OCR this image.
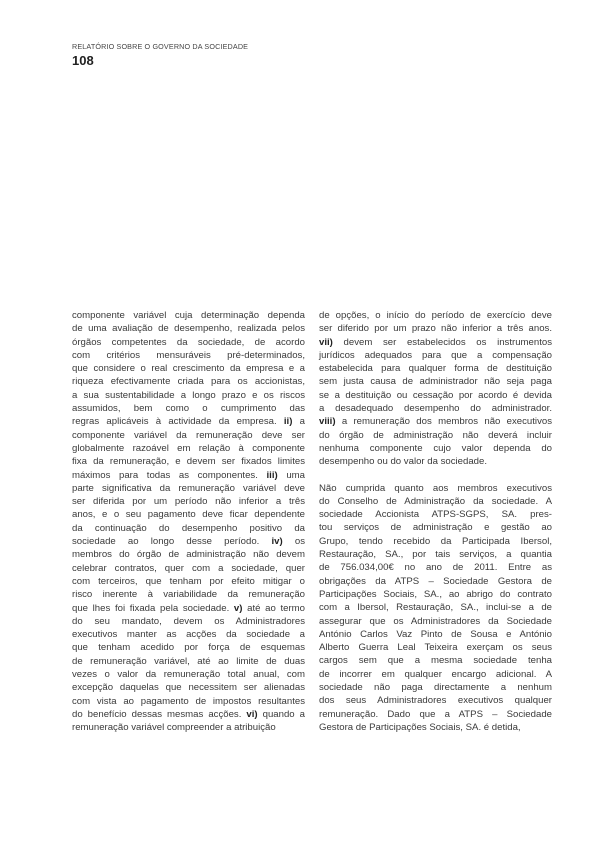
RELATÓRIO SOBRE O GOVERNO DA SOCIEDADE
108

componente variável cuja determinação dependa

de uma avaliação de desempenho, realizada pelos

órgãos competentes da sociedade, de acordo

com critérios mensuráveis pré-determinados,

que considere o real crescimento da empresa e a

riqueza efectivamente criada para os accionistas,

a sua sustentabilidade a longo prazo e os riscos

assumidos, bem como o cumprimento das

regras aplicáveis à actividade da empresa. ii) a

componente variável da remuneração deve ser

globalmente razoável em relação à componente

fixa da remuneração, e devem ser fixados limites

máximos para todas as componentes. iii) uma

parte significativa da remuneração variável deve

ser diferida por um período não inferior a três

anos, e o seu pagamento deve ficar dependente

da continuação do desempenho positivo da

sociedade ao longo desse período. iv) os

membros do órgão de administração não devem

celebrar contratos, quer com a sociedade, quer

com terceiros, que tenham por efeito mitigar o

risco inerente à variabilidade da remuneração

que lhes foi fixada pela sociedade. v) até ao termo

do seu mandato, devem os Administradores

executivos manter as acções da sociedade a

que tenham acedido por força de esquemas

de remuneração variável, até ao limite de duas

vezes o valor da remuneração total anual, com

excepção daquelas que necessitem ser alienadas

com vista ao pagamento de impostos resultantes

do benefício dessas mesmas acções. vi) quando a

remuneração variável compreender a atribuição

de opções, o início do período de exercício deve

ser diferido por um prazo não inferior a três anos.

vii) devem ser estabelecidos os instrumentos

jurídicos adequados para que a compensação

estabelecida para qualquer forma de destituição

sem justa causa de administrador não seja paga

se a destituição ou cessação por acordo é devida

a desadequado desempenho do administrador.

viii) a remuneração dos membros não executivos

do órgão de administração não deverá incluir

nenhuma componente cujo valor dependa do

desempenho ou do valor da sociedade.

Não cumprida quanto aos membros executivos

do Conselho de Administração da sociedade. A

sociedade Accionista ATPS-SGPS, SA. pres-

tou serviços de administração e gestão ao

Grupo, tendo recebido da Participada Ibersol,

Restauração, SA., por tais serviços, a quantia

de 756.034,00€ no ano de 2011. Entre as

obrigações da ATPS – Sociedade Gestora de

Participações Sociais, SA., ao abrigo do contrato

com a Ibersol, Restauração, SA., inclui-se a de

assegurar que os Administradores da Sociedade

António Carlos Vaz Pinto de Sousa e António

Alberto Guerra Leal Teixeira exerçam os seus

cargos sem que a mesma sociedade tenha

de incorrer em qualquer encargo adicional. A

sociedade não paga directamente a nenhum

dos seus Administradores executivos qualquer

remuneração. Dado que a ATPS – Sociedade

Gestora de Participações Sociais, SA. é detida,
